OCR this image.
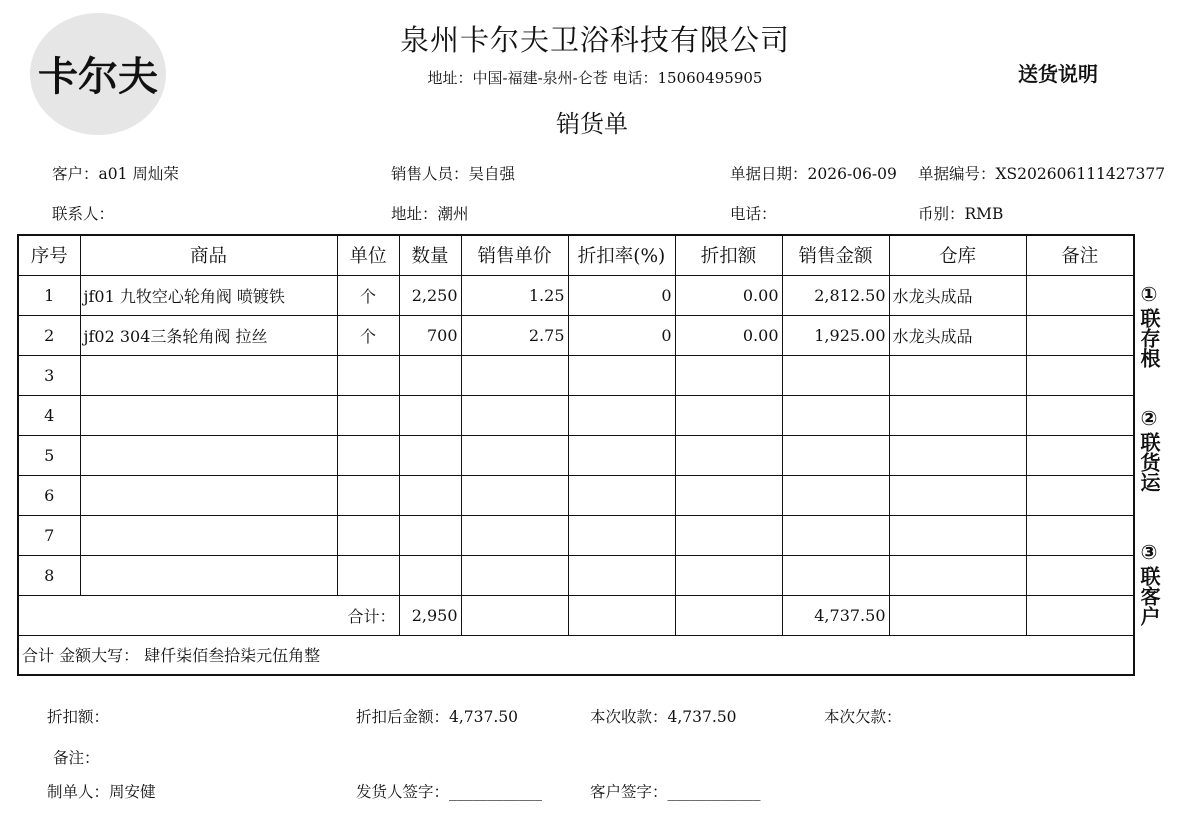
卡尔夫
泉州卡尔夫卫浴科技有限公司
地址：中国-福建-泉州-仑苍 电话：15060495905	送货说明
销货单
客户：a01 周灿荣	销售人员：吴自强	单据日期：2026-06-09 单据编号：XS202606111427377
联系人：	地址：潮州	电话：	币别：RMB
序号	商品	单位	数量	销售单价	折扣率(%)	折扣额	销售金额	仓库	备注
1	jf01 九牧空心轮角阀 喷镀铁	个	2,250	1.25	0	0.00	2,812.50	水龙头成品	
2	jf02 304三条轮角阀 拉丝	个	700	2.75	0	0.00	1,925.00	水龙头成品	
3									
4									
5									
6									
7									
8									
合计：			2,950				4,737.50		
合计 金额大写： 肆仟柒佰叁拾柒元伍角整									
①
联存根
②
联货运
③
联客户
折扣额：	折扣后金额：4,737.50	本次收款：4,737.50	本次欠款：
备注：
制单人：周安健	发货人签字：____________	客户签字：____________
